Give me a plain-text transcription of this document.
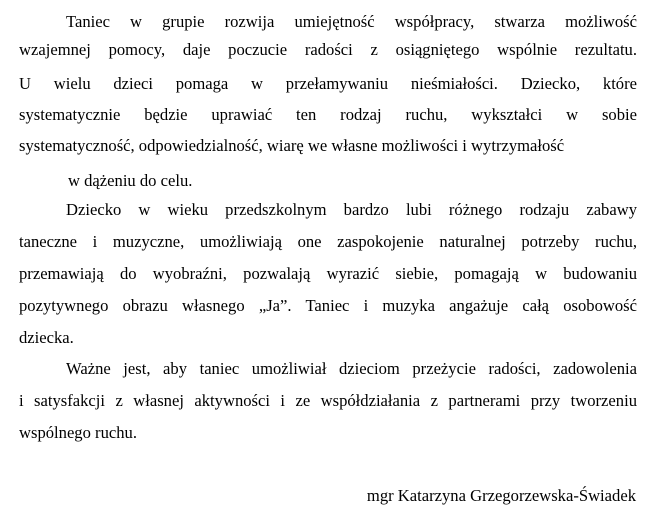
Taniec w grupie rozwija umiejętność współpracy, stwarza możliwość
wzajemnej pomocy, daje poczucie radości z osiągniętego wspólnie rezultatu.
U wielu dzieci pomaga w przełamywaniu nieśmiałości. Dziecko, które
systematycznie będzie uprawiać ten rodzaj ruchu, wykształci w sobie
systematyczność, odpowiedzialność, wiarę we własne możliwości i wytrzymałość
w dążeniu do celu.
Dziecko w wieku przedszkolnym bardzo lubi różnego rodzaju zabawy
taneczne i muzyczne, umożliwiają one zaspokojenie naturalnej potrzeby ruchu,
przemawiają do wyobraźni, pozwalają wyrazić siebie, pomagają w budowaniu
pozytywnego obrazu własnego „Ja”. Taniec i muzyka angażuje całą osobowość
dziecka.
Ważne jest, aby taniec umożliwiał dzieciom przeżycie radości, zadowolenia
i satysfakcji z własnej aktywności i ze współdziałania z partnerami przy tworzeniu
wspólnego ruchu.
mgr Katarzyna Grzegorzewska-Świadek
